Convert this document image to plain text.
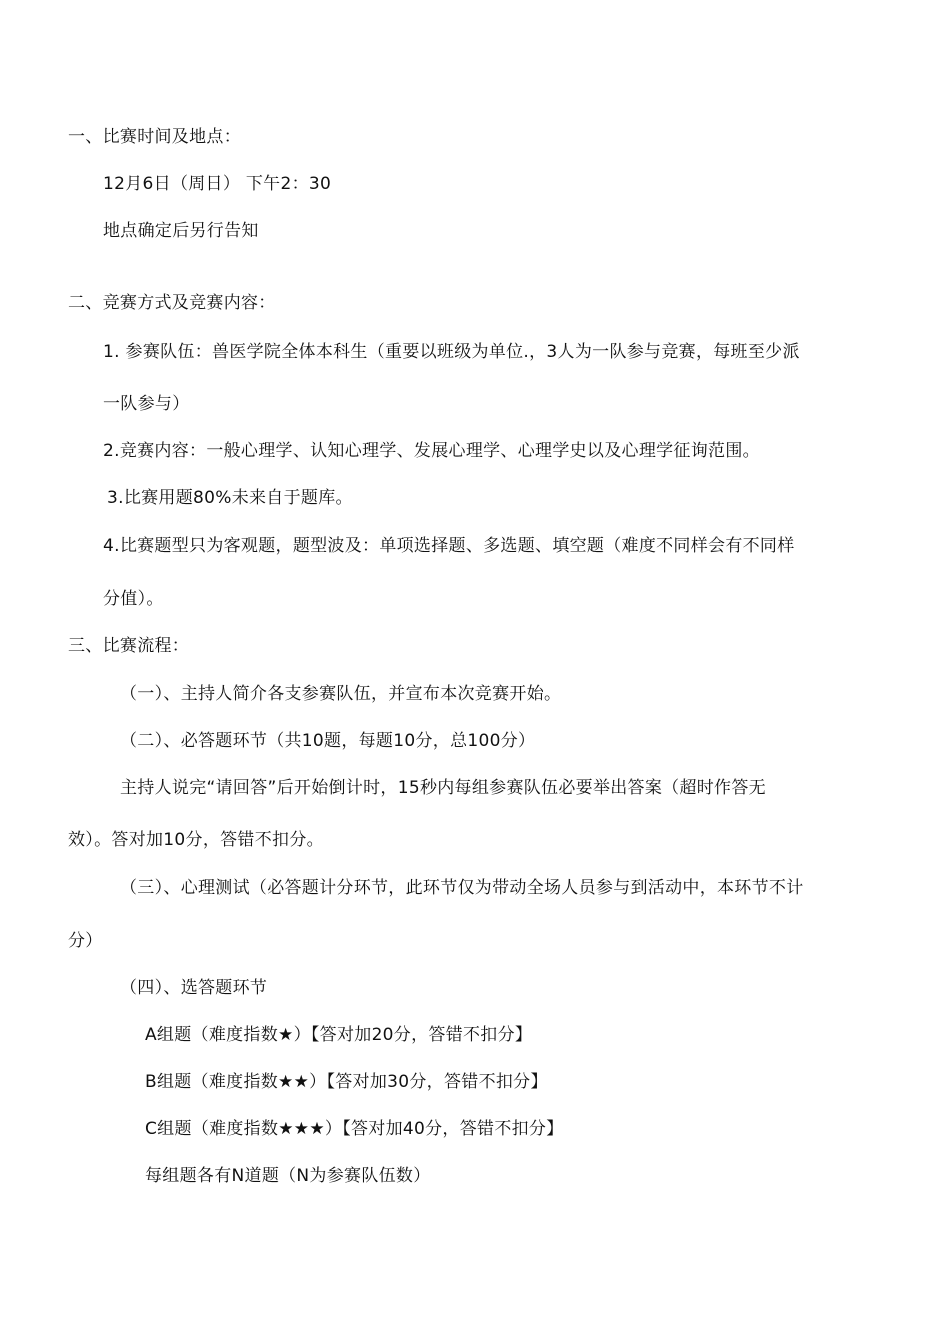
一、比赛时间及地点：
12月6日（周日） 下午2：30
地点确定后另行告知
二、竞赛方式及竞赛内容：
1. 参赛队伍：兽医学院全体本科生（重要以班级为单位.，3人为一队参与竞赛，每班至少派
一队参与）
2.竞赛内容：一般心理学、认知心理学、发展心理学、心理学史以及心理学征询范围。
3.比赛用题80%未来自于题库。
4.比赛题型只为客观题，题型波及：单项选择题、多选题、填空题（难度不同样会有不同样
分值）。
三、比赛流程：
（一）、主持人简介各支参赛队伍，并宣布本次竞赛开始。
（二）、必答题环节（共10题，每题10分，总100分）
主持人说完“请回答”后开始倒计时，15秒内每组参赛队伍必要举出答案（超时作答无
效）。答对加10分，答错不扣分。
（三）、心理测试（必答题计分环节，此环节仅为带动全场人员参与到活动中，本环节不计
分）
（四）、选答题环节
A组题（难度指数★）【答对加20分，答错不扣分】
B组题（难度指数★★）【答对加30分，答错不扣分】
C组题（难度指数★★★）【答对加40分，答错不扣分】
每组题各有N道题（N为参赛队伍数）
